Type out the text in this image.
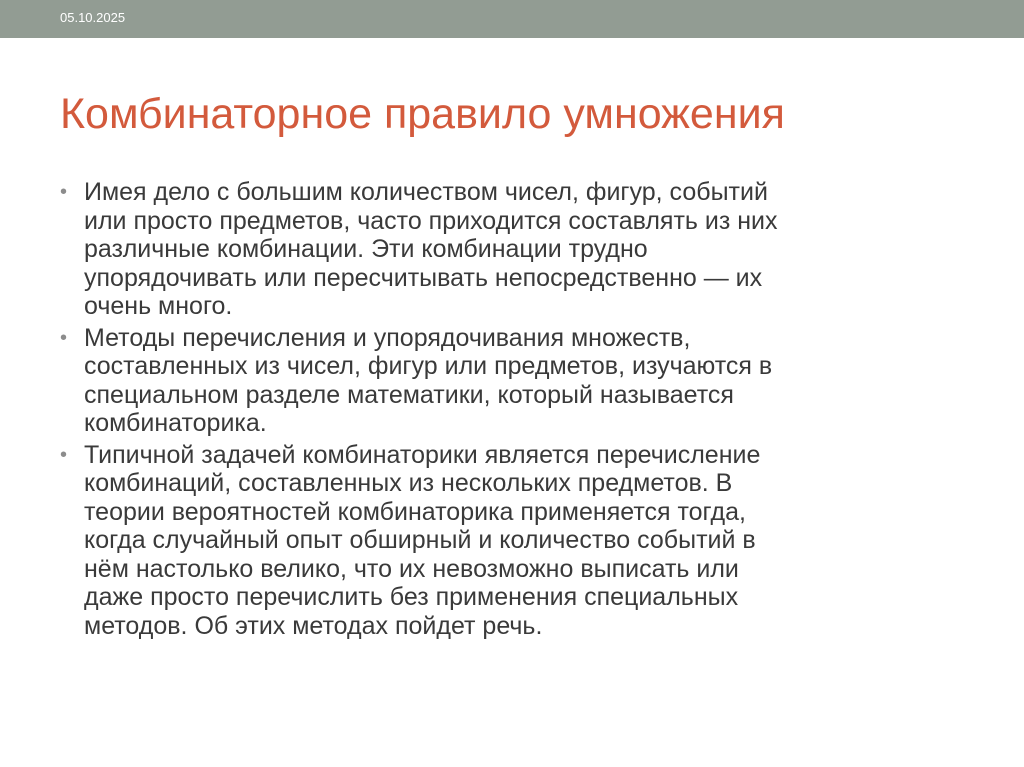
05.10.2025
Комбинаторное правило умножения
• Имея дело с большим количеством чисел, фигур, событий
или просто предметов, часто приходится составлять из них
различные комбинации. Эти комбинации трудно
упорядочивать или пересчитывать непосредственно — их
очень много.
• Методы перечисления и упорядочивания множеств,
составленных из чисел, фигур или предметов, изучаются в
специальном разделе математики, который называется
комбинаторика.
• Типичной задачей комбинаторики является перечисление
комбинаций, составленных из нескольких предметов. В
теории вероятностей комбинаторика применяется тогда,
когда случайный опыт обширный и количество событий в
нём настолько велико, что их невозможно выписать или
даже просто перечислить без применения специальных
методов. Об этих методах пойдет речь.
